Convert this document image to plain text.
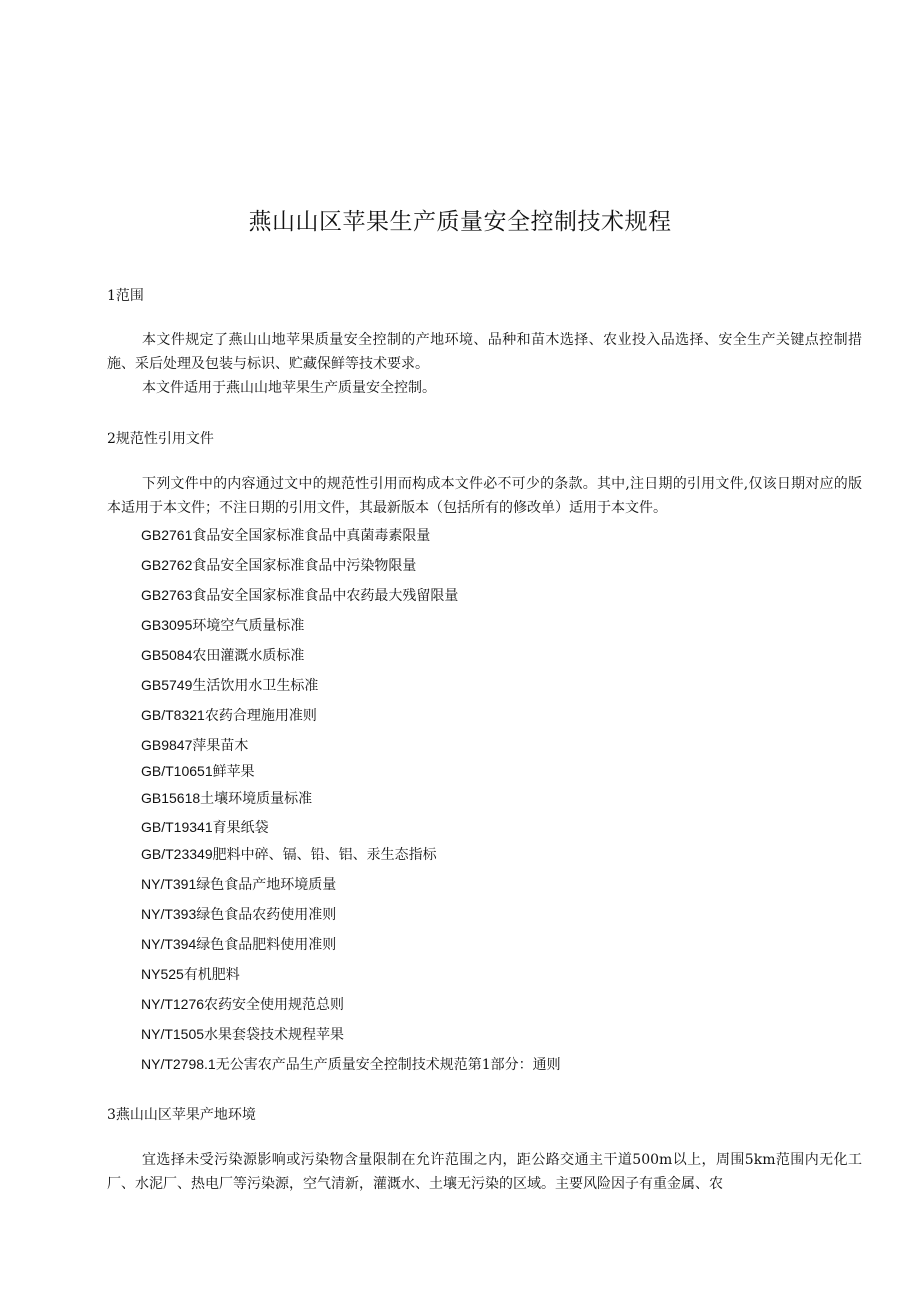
燕山山区苹果生产质量安全控制技术规程

1范围

本文件规定了燕山山地苹果质量安全控制的产地环境、品种和苗木选择、农业投入品选择、安全生产关键点控制措施、采后处理及包装与标识、贮藏保鲜等技术要求。

本文件适用于燕山山地苹果生产质量安全控制。

2规范性引用文件

下列文件中的内容通过文中的规范性引用而构成本文件必不可少的条款。其中,注日期的引用文件,仅该日期对应的版本适用于本文件；不注日期的引用文件，其最新版本（包括所有的修改单）适用于本文件。

GB2761食品安全国家标准食品中真菌毒素限量
GB2762食品安全国家标准食品中污染物限量
GB2763食品安全国家标准食品中农药最大残留限量
GB3095环境空气质量标准
GB5084农田灌溉水质标准
GB5749生活饮用水卫生标准
GB/T8321农药合理施用准则
GB9847萍果苗木
GB/T10651鲜苹果
GB15618土壤环境质量标准
GB/T19341育果纸袋
GB/T23349肥料中碎、镉、铅、铝、汞生态指标
NY/T391绿色食品产地环境质量
NY/T393绿色食品农药使用准则
NY/T394绿色食品肥料使用准则
NY525有机肥料
NY/T1276农药安全使用规范总则
NY/T1505水果套袋技术规程苹果
NY/T2798.1无公害农产品生产质量安全控制技术规范第1部分：通则

3燕山山区苹果产地环境

宜选择未受污染源影响或污染物含量限制在允许范围之内，距公路交通主干道500m以上，周围5km范围内无化工厂、水泥厂、热电厂等污染源，空气清新，灌溉水、土壤无污染的区域。主要风险因子有重金属、农
